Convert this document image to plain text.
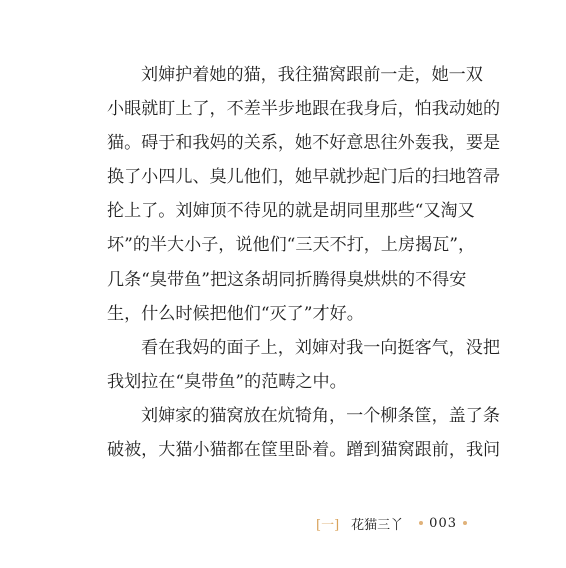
刘婶护着她的猫，我往猫窝跟前一走，她一双
小眼就盯上了，不差半步地跟在我身后，怕我动她的
猫。碍于和我妈的关系，她不好意思往外轰我，要是
换了小四儿、臭儿他们，她早就抄起门后的扫地笤帚
抡上了。刘婶顶不待见的就是胡同里那些“又淘又
坏”的半大小子，说他们“三天不打，上房揭瓦”，
几条“臭带鱼”把这条胡同折腾得臭烘烘的不得安
生，什么时候把他们“灭了”才好。
看在我妈的面子上，刘婶对我一向挺客气，没把
我划拉在“臭带鱼”的范畴之中。
刘婶家的猫窝放在炕犄角，一个柳条筐，盖了条
破被，大猫小猫都在筐里卧着。蹭到猫窝跟前，我问
[一] 花猫三丫 003
